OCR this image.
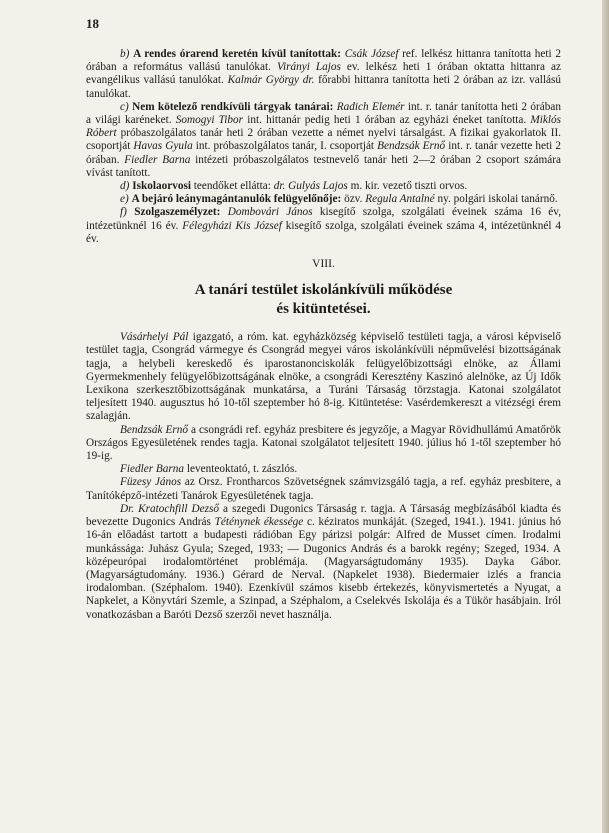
18

b) A rendes órarend keretén kívül tanítottak: Csák József ref. lelkész hittanra tanította heti 2 órában a református vallású tanulókat. Virányi Lajos ev. lelkész heti 1 órában oktatta hittanra az evangélikus vallású tanulókat. Kalmár György dr. főrabbi hittanra tanította heti 2 órában az izr. vallású tanulókat.

c) Nem kötelező rendkívüli tárgyak tanárai: Radich Elemér int. r. tanár tanította heti 2 órában a világi karéneket. Somogyi Tibor int. hittanár pedig heti 1 órában az egyházi éneket tanította. Miklós Róbert próbaszolgálatos tanár heti 2 órában vezette a német nyelvi társalgást. A fizikai gyakorlatok II. csoportját Havas Gyula int. próbaszolgálatos tanár, I. csoportját Bendzsák Ernő int. r. tanár vezette heti 2 órában. Fiedler Barna intézeti próbaszolgálatos testnevelő tanár heti 2—2 órában 2 csoport számára vívást tanított.

d) Iskolaorvosi teendőket ellátta: dr. Gulyás Lajos m. kir. vezető tiszti orvos.

e) A bejáró leánymagántanulók felügyelőnője: özv. Regula Antalné ny. polgári iskolai tanárnő.

f) Szolgaszemélyzet: Dombovári János kisegítő szolga, szolgálati éveinek száma 16 év, intézetünknél 16 év. Félegyházi Kis József kisegítő szolga, szolgálati éveinek száma 4, intézetünknél 4 év.

VIII.

A tanári testület iskolánkívüli működése
és kitüntetései.

Vásárhelyi Pál igazgató, a róm. kat. egyházközség képviselő testületi tagja, a városi képviselő testület tagja, Csongrád vármegye és Csongrád megyei város iskolánkívüli népművelési bizottságának tagja, a helybeli kereskedő és iparostanonciskolák felügyelőbizottsági elnöke, az Állami Gyermekmenhely felügyelőbizottságának elnöke, a csongrádi Keresztény Kaszinó alelnöke, az Új Idők Lexikona szerkesztőbizottságának munkatársa, a Turáni Társaság törzstagja. Katonai szolgálatot teljesített 1940. augusztus hó 10-től szeptember hó 8-ig. Kitüntetése: Vasérdemkereszt a vitézségi érem szalagján.

Bendzsák Ernő a csongrádi ref. egyház presbitere és jegyzője, a Magyar Rövidhullámú Amatőrök Országos Egyesületének rendes tagja. Katonai szolgálatot teljesített 1940. július hó 1-től szeptember hó 19-ig.

Fiedler Barna leventeoktató, t. zászlós.

Füzesy János az Orsz. Frontharcos Szövetségnek számvizsgáló tagja, a ref. egyház presbitere, a Tanítóképző-intézeti Tanárok Egyesületének tagja.

Dr. Kratochfill Dezső a szegedi Dugonics Társaság r. tagja. A Társaság megbízásából kiadta és bevezette Dugonics András Téténynek ékessége c. kéziratos munkáját. (Szeged, 1941.). 1941. június hó 16-án előadást tartott a budapesti rádióban Egy párizsi polgár: Alfred de Musset címen. Irodalmi munkássága: Juhász Gyula; Szeged, 1933; — Dugonics András és a barokk regény; Szeged, 1934. A középeurópai irodalomtörténet problémája. (Magyarságtudomány 1935). Dayka Gábor. (Magyarságtudomány. 1936.) Gérard de Nerval. (Napkelet 1938). Biedermaier izlés a francia irodalomban. (Széphalom. 1940). Ezenkívül számos kisebb értekezés, könyvismertetés a Nyugat, a Napkelet, a Könyvtári Szemle, a Szinpad, a Széphalom, a Cselekvés Iskolája és a Tükör hasábjain. Iról vonatkozásban a Baróti Dezső szerzői nevet használja.
